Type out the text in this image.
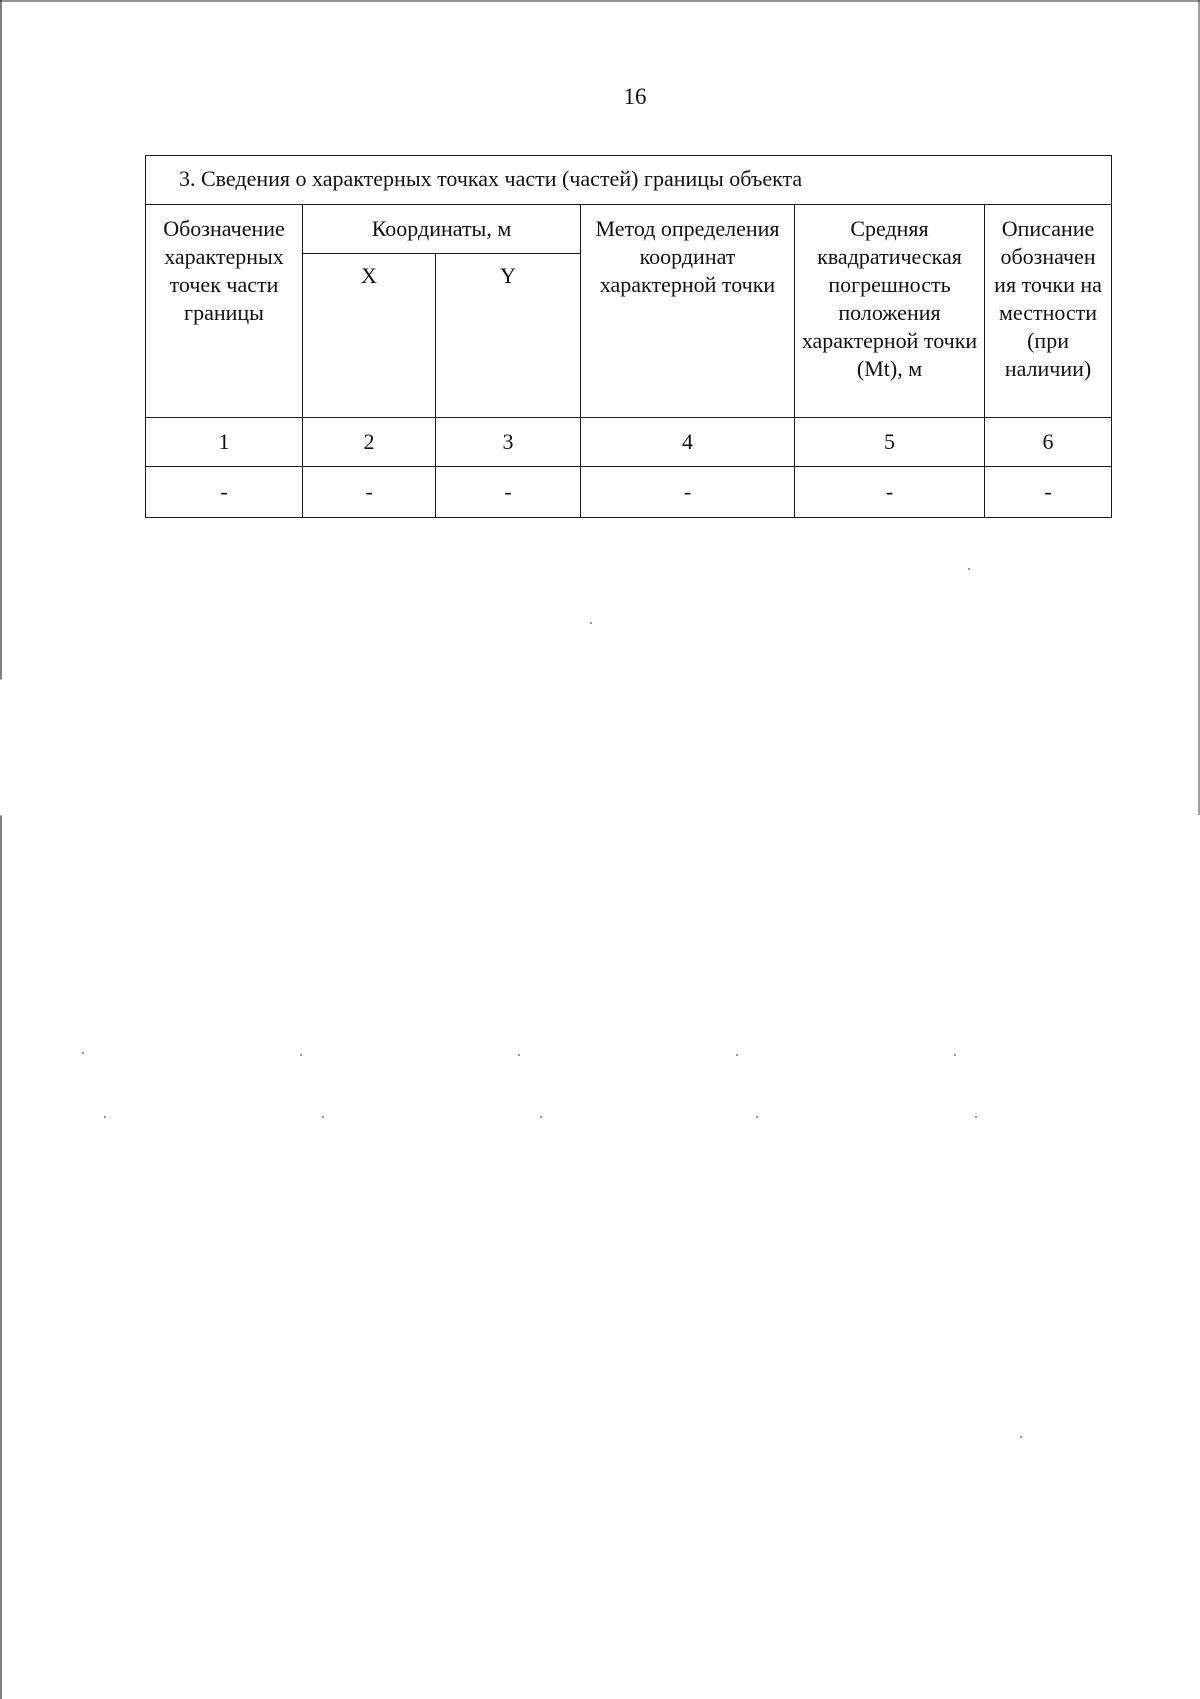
16
3. Сведения о характерных точках части (частей) границы объекта					
Обозначение характерных точек части границы	Координаты, м		Метод определения координат характерной точки	Средняя квадратическая погрешность положения характерной точки (Mt), м	Описание обозначен ия точки на местности (при наличии)
	X	Y			
1	2	3	4	5	6
-	-	-	-	-	-
